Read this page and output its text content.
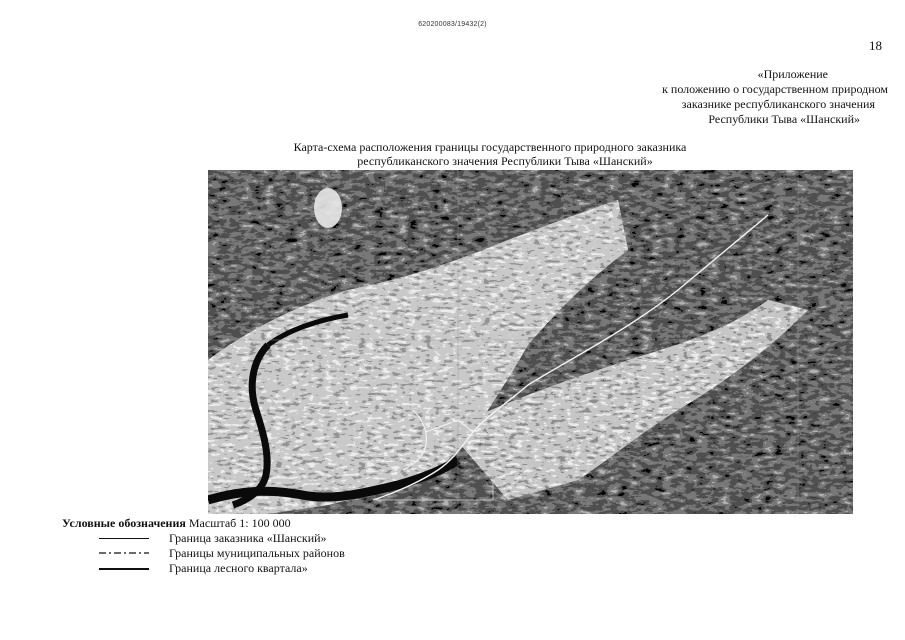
620200083/19432(2)
18
«Приложение
к положению о государственном природном
заказнике республиканского значения
Республики Тыва «Шанский»
Карта-схема расположения границы государственного природного заказника
республиканского значения Республики Тыва «Шанский»
Условные обозначения Масштаб 1: 100 000
Граница заказника «Шанский»
Границы муниципальных районов
Граница лесного квартала»
